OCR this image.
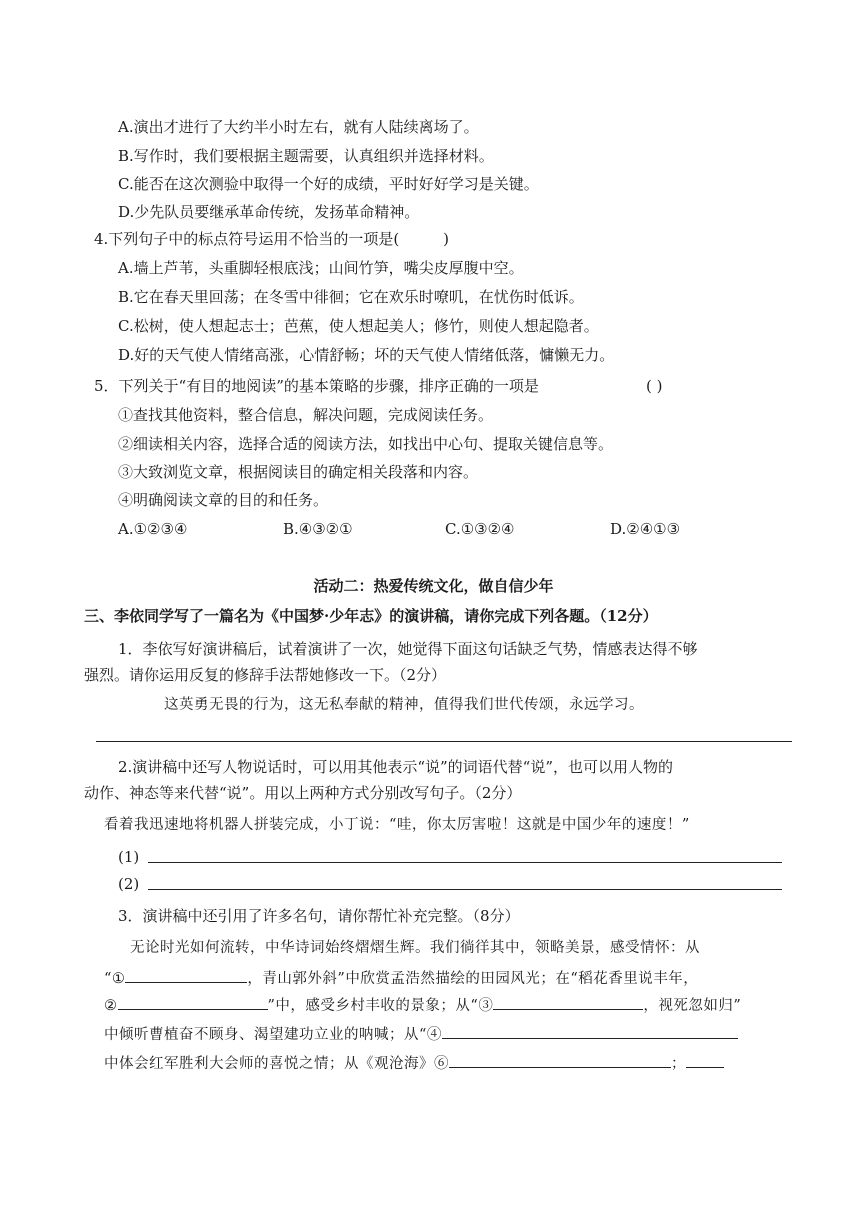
A.演出才进行了大约半小时左右，就有人陆续离场了。
B.写作时，我们要根据主题需要，认真组织并选择材料。
C.能否在这次测验中取得一个好的成绩，平时好好学习是关键。
D.少先队员要继承革命传统，发扬革命精神。
4.下列句子中的标点符号运用不恰当的一项是(	)
A.墙上芦苇，头重脚轻根底浅；山间竹笋，嘴尖皮厚腹中空。
B.它在春天里回荡；在冬雪中徘徊；它在欢乐时嘹叽，在忧伤时低诉。
C.松树，使人想起志士；芭蕉，使人想起美人；修竹，则使人想起隐者。
D.好的天气使人情绪高涨，心情舒畅；坏的天气使人情绪低落，慵懒无力。
5．下列关于“有目的地阅读”的基本策略的步骤，排序正确的一项是	( )
①查找其他资料，整合信息，解决问题，完成阅读任务。
②细读相关内容，选择合适的阅读方法，如找出中心句、提取关键信息等。
③大致浏览文章，根据阅读目的确定相关段落和内容。
④明确阅读文章的目的和任务。
A.①②③④	B.④③②①	C.①③②④	D.②④①③
活动二：热爱传统文化，做自信少年
三、李依同学写了一篇名为《中国梦·少年志》的演讲稿，请你完成下列各题。（12分）
1．李依写好演讲稿后，试着演讲了一次，她觉得下面这句话缺乏气势，情感表达得不够
强烈。请你运用反复的修辞手法帮她修改一下。（2分）
这英勇无畏的行为，这无私奉献的精神，值得我们世代传颂，永远学习。
2.演讲稿中还写人物说话时，可以用其他表示“说”的词语代替“说”，也可以用人物的
动作、神态等来代替“说”。用以上两种方式分别改写句子。（2分）
看着我迅速地将机器人拼装完成，小丁说：“哇，你太厉害啦！这就是中国少年的速度！”
(1)
(2)
3．演讲稿中还引用了许多名句，请你帮忙补充完整。（8分）
无论时光如何流转，中华诗词始终熠熠生辉。我们徜徉其中，领略美景，感受情怀：从
“①	，青山郭外斜”中欣赏孟浩然描绘的田园风光；在“稻花香里说丰年，
②	”中，感受乡村丰收的景象；从“③	，视死忽如归”
中倾听曹植奋不顾身、渴望建功立业的呐喊；从“④
中体会红军胜利大会师的喜悦之情；从《观沧海》⑥	；
